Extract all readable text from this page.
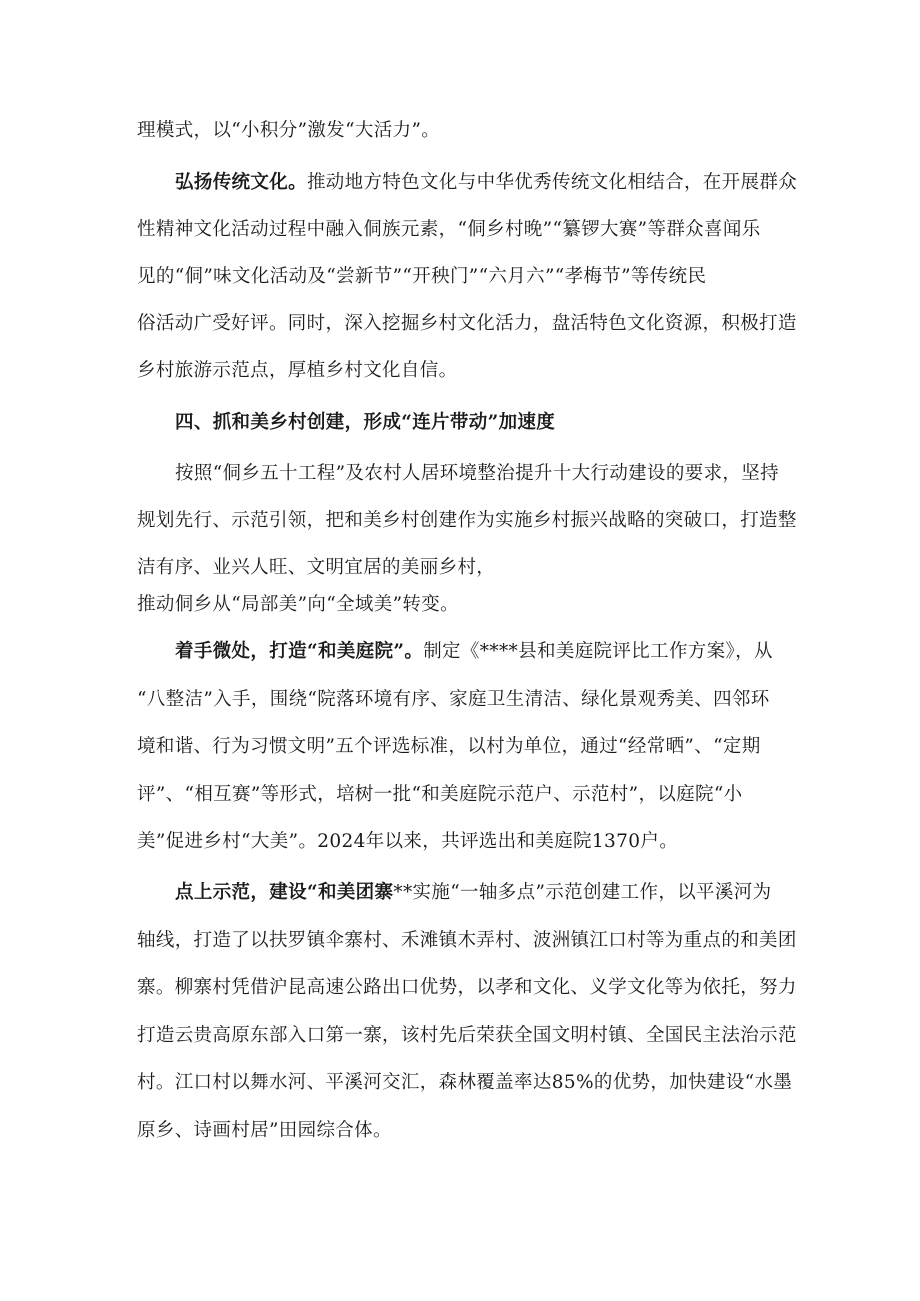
理模式，以“小积分”激发“大活力”。
弘扬传统文化。推动地方特色文化与中华优秀传统文化相结合，在开展群众
性精神文化活动过程中融入侗族元素，“侗乡村晚”“纂锣大赛”等群众喜闻乐
见的“侗”味文化活动及“尝新节”“开秧门”“六月六”“孝梅节”等传统民
俗活动广受好评。同时，深入挖掘乡村文化活力，盘活特色文化资源，积极打造
乡村旅游示范点，厚植乡村文化自信。
四、抓和美乡村创建，形成“连片带动”加速度
按照“侗乡五十工程”及农村人居环境整治提升十大行动建设的要求，坚持
规划先行、示范引领，把和美乡村创建作为实施乡村振兴战略的突破口，打造整
洁有序、业兴人旺、文明宜居的美丽乡村，
推动侗乡从“局部美”向“全域美”转变。
着手微处，打造“和美庭院”。制定《****县和美庭院评比工作方案》，从
“八整洁”入手，围绕“院落环境有序、家庭卫生清洁、绿化景观秀美、四邻环
境和谐、行为习惯文明”五个评选标准，以村为单位，通过“经常晒”、“定期
评”、“相互赛”等形式，培树一批“和美庭院示范户、示范村”，以庭院“小
美”促进乡村“大美”。2024年以来，共评选出和美庭院1370户。
点上示范，建设“和美团寨**实施“一轴多点”示范创建工作，以平溪河为
轴线，打造了以扶罗镇伞寨村、禾滩镇木弄村、波洲镇江口村等为重点的和美团
寨。柳寨村凭借沪昆高速公路出口优势，以孝和文化、义学文化等为依托，努力
打造云贵高原东部入口第一寨，该村先后荣获全国文明村镇、全国民主法治示范
村。江口村以舞水河、平溪河交汇，森林覆盖率达85%的优势，加快建设“水墨
原乡、诗画村居”田园综合体。
